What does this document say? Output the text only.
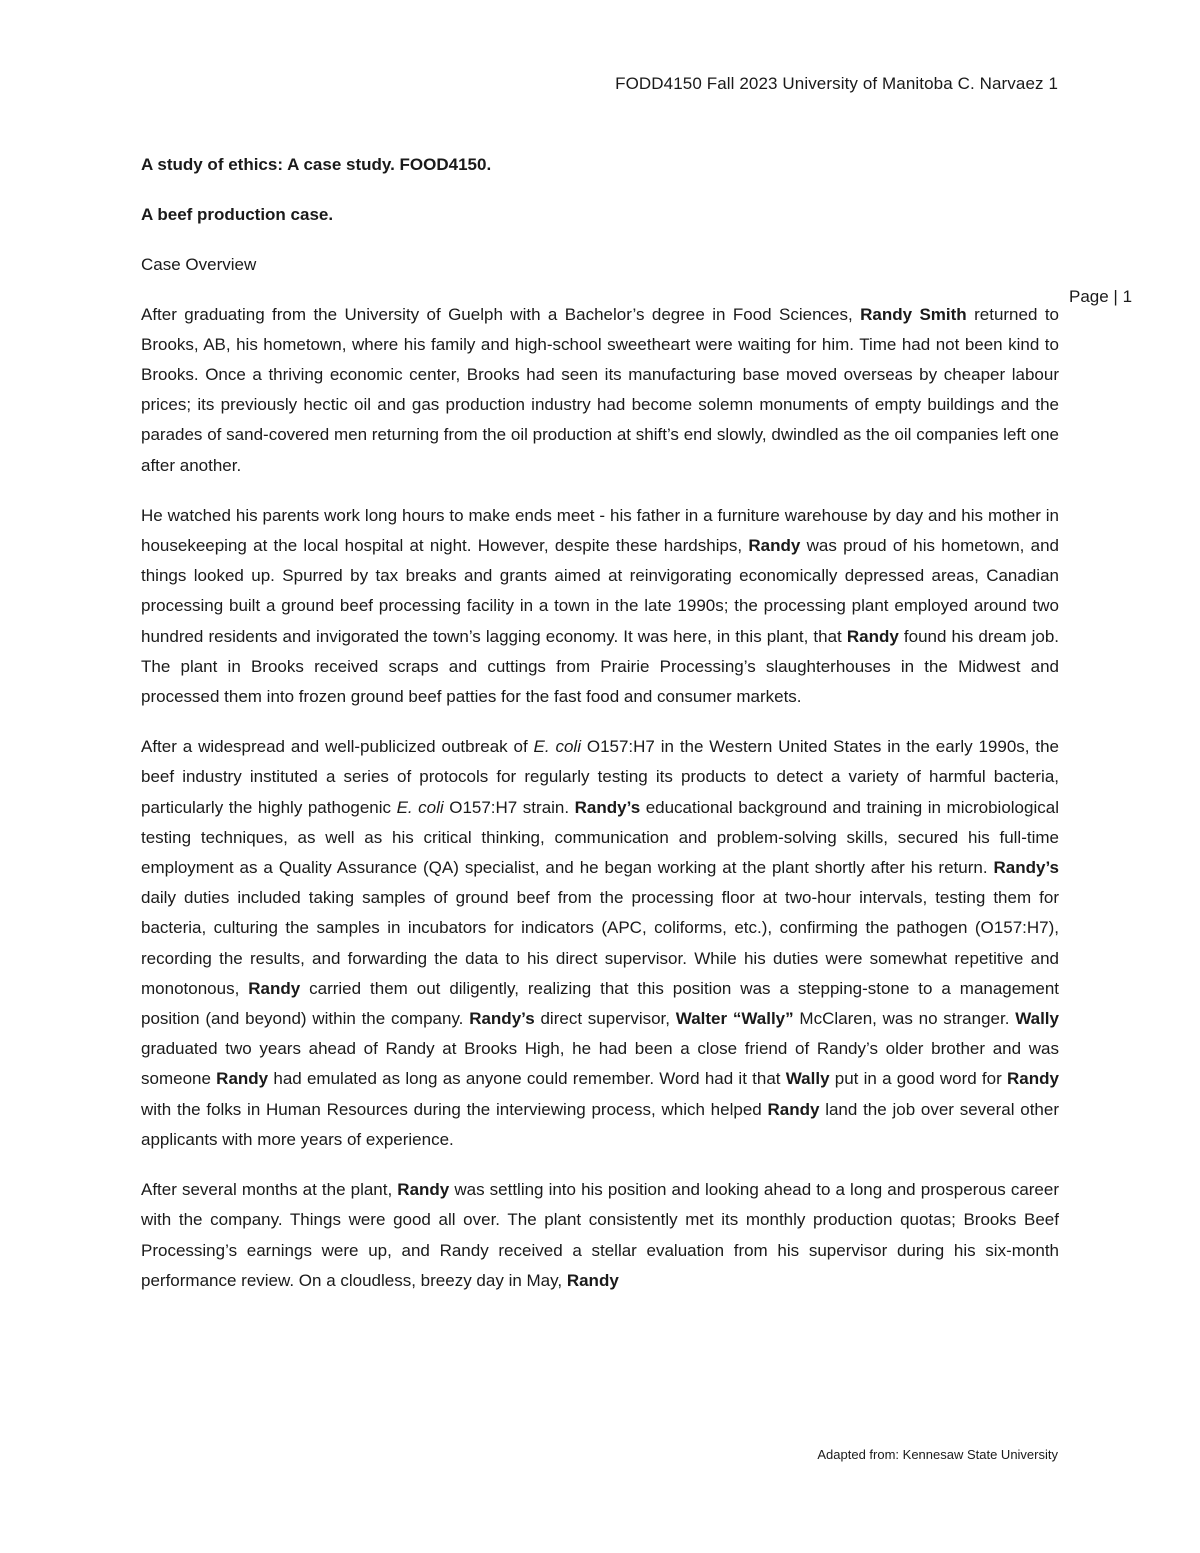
FODD4150 Fall 2023 University of Manitoba C. Narvaez 1
Page | 1

A study of ethics: A case study. FOOD4150.

A beef production case.

Case Overview

After graduating from the University of Guelph with a Bachelor’s degree in Food Sciences, Randy Smith returned to Brooks, AB, his hometown, where his family and high-school sweetheart were waiting for him. Time had not been kind to Brooks. Once a thriving economic center, Brooks had seen its manufacturing base moved overseas by cheaper labour prices; its previously hectic oil and gas production industry had become solemn monuments of empty buildings and the parades of sand-covered men returning from the oil production at shift’s end slowly, dwindled as the oil companies left one after another.

He watched his parents work long hours to make ends meet - his father in a furniture warehouse by day and his mother in housekeeping at the local hospital at night. However, despite these hardships, Randy was proud of his hometown, and things looked up. Spurred by tax breaks and grants aimed at reinvigorating economically depressed areas, Canadian processing built a ground beef processing facility in a town in the late 1990s; the processing plant employed around two hundred residents and invigorated the town’s lagging economy. It was here, in this plant, that Randy found his dream job. The plant in Brooks received scraps and cuttings from Prairie Processing’s slaughterhouses in the Midwest and processed them into frozen ground beef patties for the fast food and consumer markets.

After a widespread and well-publicized outbreak of E. coli O157:H7 in the Western United States in the early 1990s, the beef industry instituted a series of protocols for regularly testing its products to detect a variety of harmful bacteria, particularly the highly pathogenic E. coli O157:H7 strain. Randy’s educational background and training in microbiological testing techniques, as well as his critical thinking, communication and problem-solving skills, secured his full-time employment as a Quality Assurance (QA) specialist, and he began working at the plant shortly after his return. Randy’s daily duties included taking samples of ground beef from the processing floor at two-hour intervals, testing them for bacteria, culturing the samples in incubators for indicators (APC, coliforms, etc.), confirming the pathogen (O157:H7), recording the results, and forwarding the data to his direct supervisor. While his duties were somewhat repetitive and monotonous, Randy carried them out diligently, realizing that this position was a stepping-stone to a management position (and beyond) within the company. Randy’s direct supervisor, Walter “Wally” McClaren, was no stranger. Wally graduated two years ahead of Randy at Brooks High, he had been a close friend of Randy’s older brother and was someone Randy had emulated as long as anyone could remember. Word had it that Wally put in a good word for Randy with the folks in Human Resources during the interviewing process, which helped Randy land the job over several other applicants with more years of experience.

After several months at the plant, Randy was settling into his position and looking ahead to a long and prosperous career with the company. Things were good all over. The plant consistently met its monthly production quotas; Brooks Beef Processing’s earnings were up, and Randy received a stellar evaluation from his supervisor during his six-month performance review. On a cloudless, breezy day in May, Randy

Adapted from: Kennesaw State University
